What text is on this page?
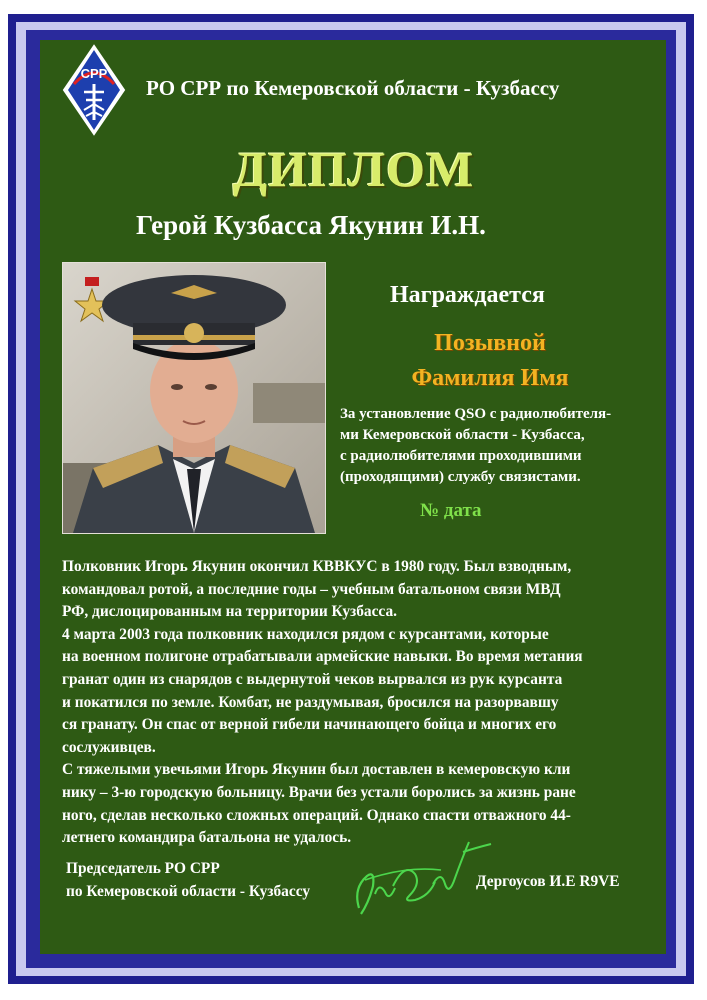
СРР
РО СРР по Кемеровской области - Кузбассу
ДИПЛОМ
Герой Кузбасса Якунин И.Н.
Награждается
Позывной
Фамилия Имя
За установление QSO с радиолюбителя-
ми Кемеровской области - Кузбасса,
с радиолюбителями проходившими
(проходящими) службу связистами.
№ дата
Полковник Игорь Якунин окончил КВВКУС в 1980 году. Был взводным,
командовал ротой, а последние годы – учебным батальоном связи МВД
РФ, дислоцированным на территории Кузбасса.
4 марта 2003 года полковник находился рядом с курсантами, которые
на военном полигоне отрабатывали армейские навыки. Во время метания
гранат один из снарядов с выдернутой чеков вырвался из рук курсанта
и покатился по земле. Комбат, не раздумывая, бросился на разорвавшу
ся гранату. Он спас от верной гибели начинающего бойца и многих его
сослуживцев.
С тяжелыми увечьями Игорь Якунин был доставлен в кемеровскую кли
нику – 3-ю городскую больницу. Врачи без устали боролись за жизнь ране
ного, сделав несколько сложных операций. Однако спасти отважного 44-
летнего командира батальона не удалось.
Председатель РО СРР
по Кемеровской области - Кузбассу
Дергоусов И.Е R9VE
